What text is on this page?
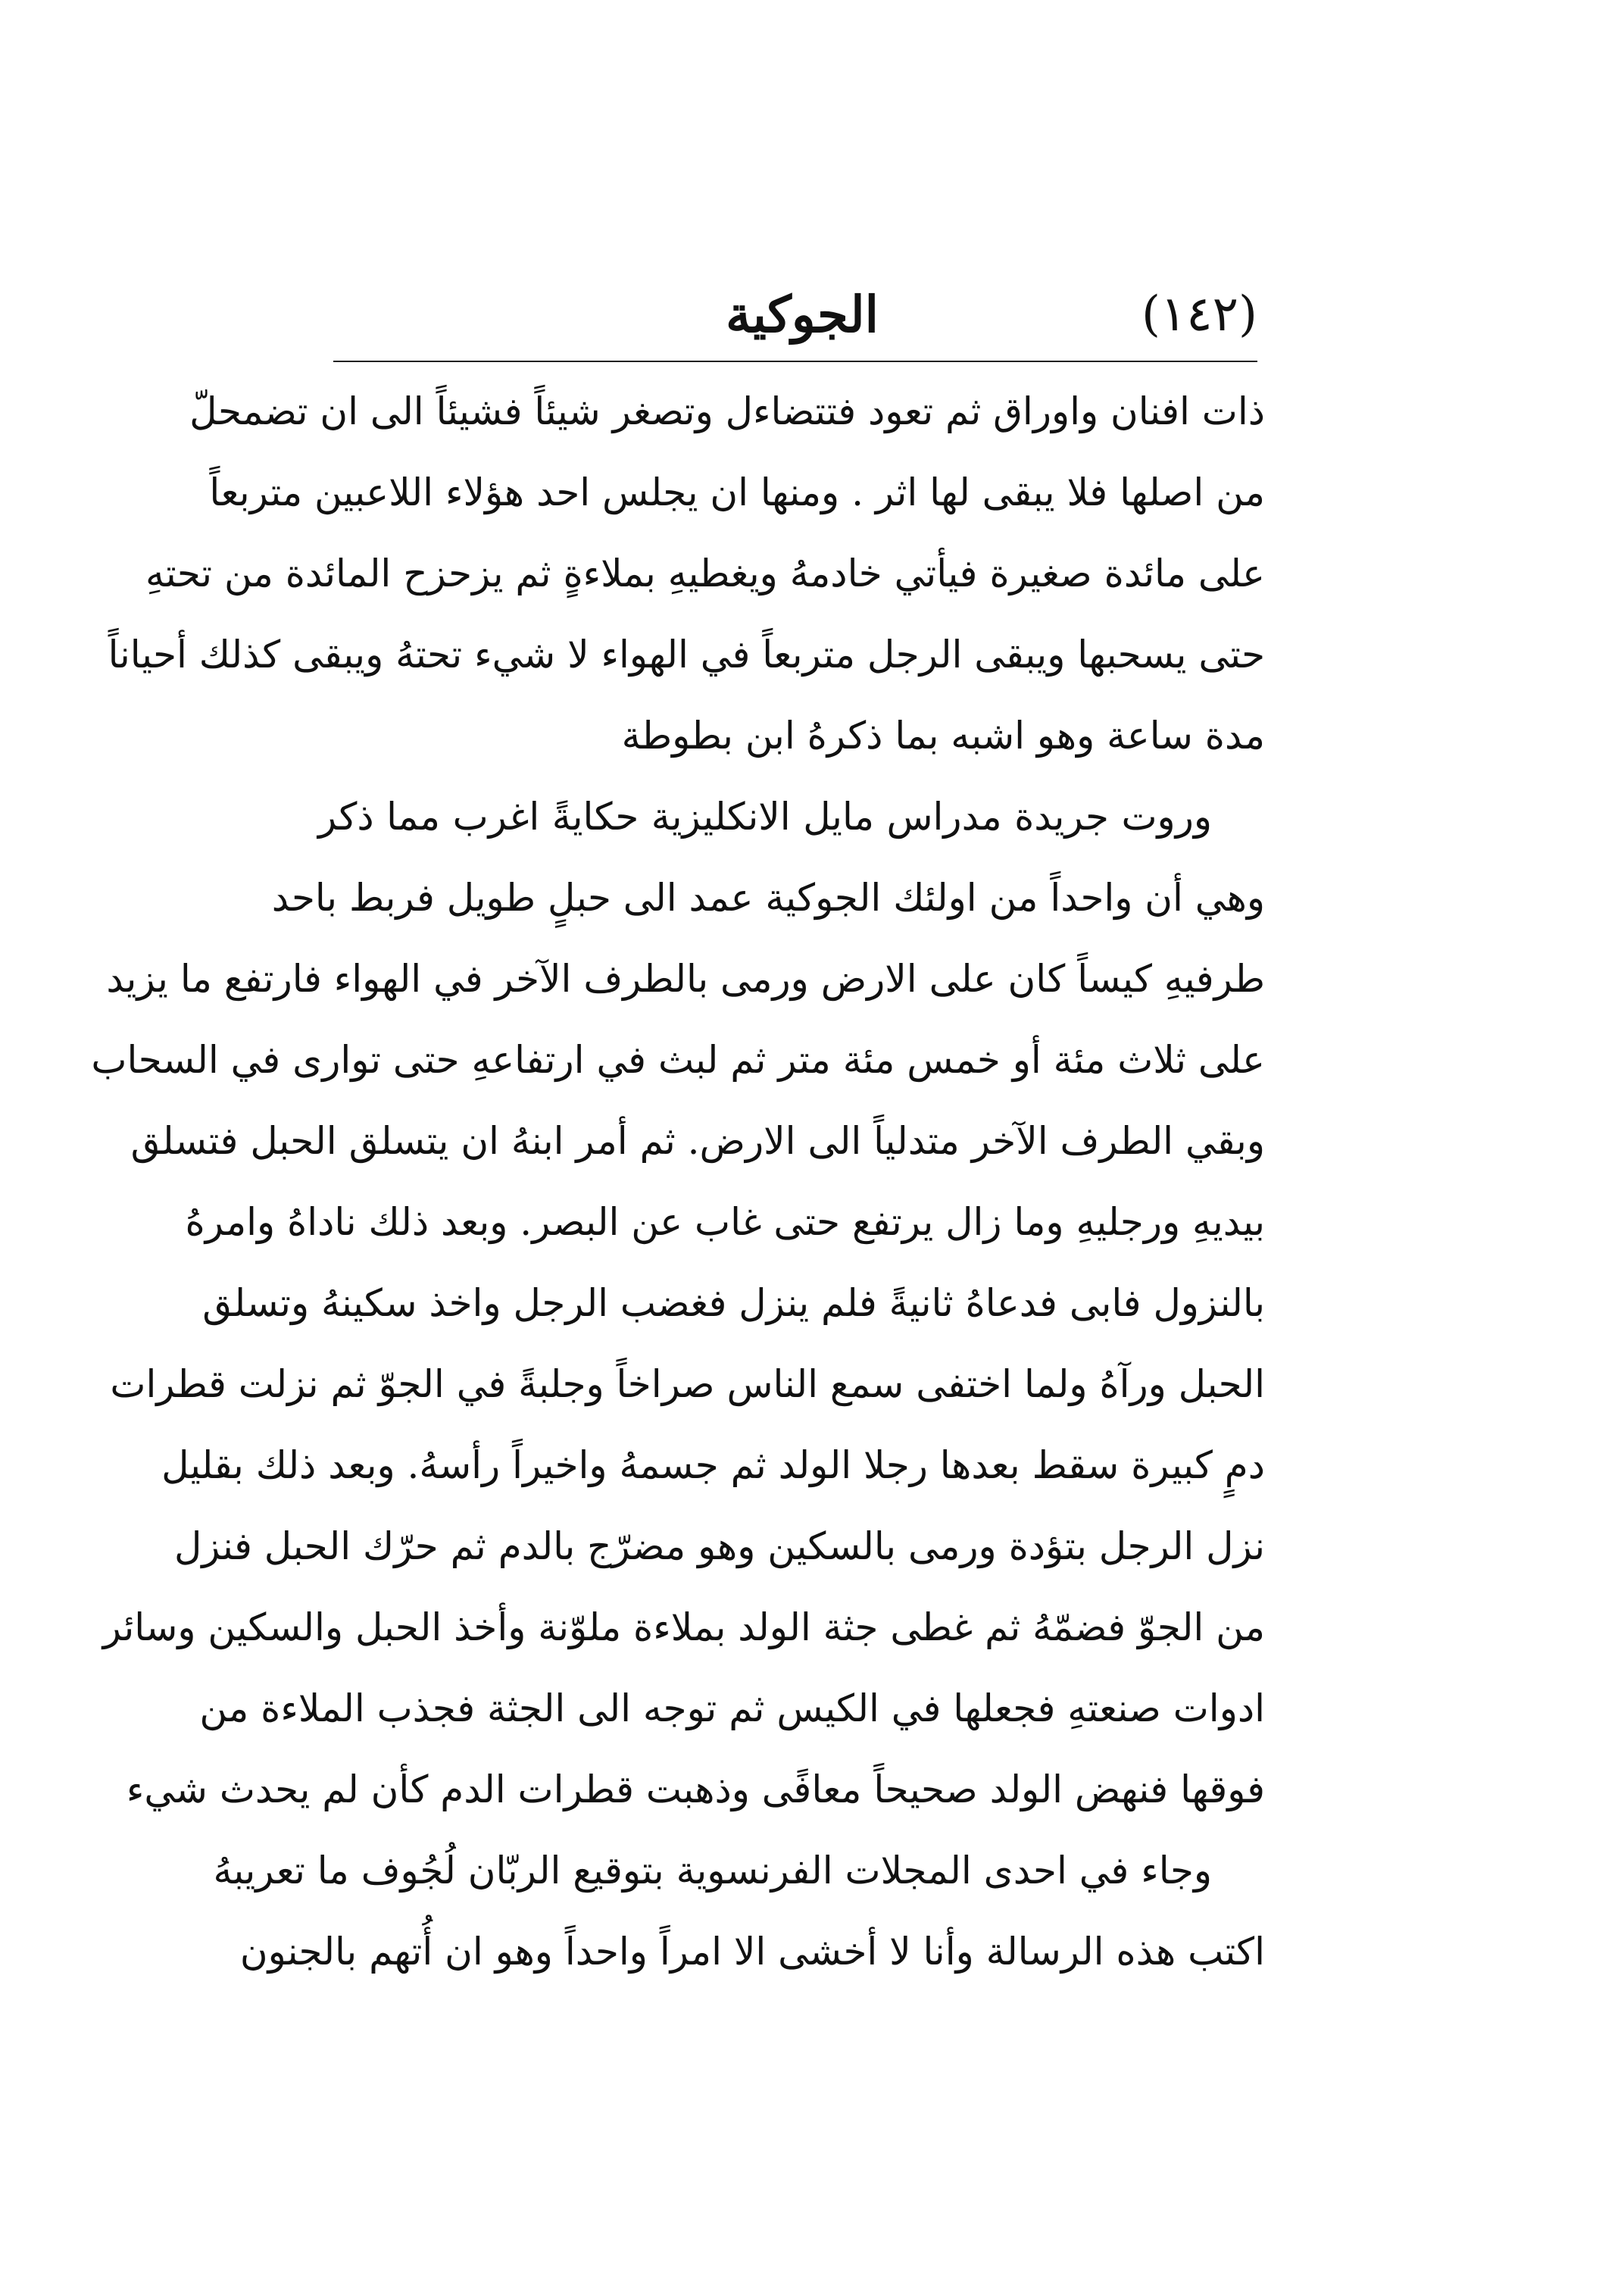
(١٤٢)
الجوكية
ذات افنان واوراق ثم تعود فتتضاءل وتصغر شيئاً فشيئاً الى ان تضمحلّ
من اصلها فلا يبقى لها اثر . ومنها ان يجلس احد هؤلاء اللاعبين متربعاً
على مائدة صغيرة فيأتي خادمهُ ويغطيهِ بملاءةٍ ثم يزحزح المائدة من تحتهِ
حتى يسحبها ويبقى الرجل متربعاً في الهواء لا شيء تحتهُ ويبقى كذلك أحياناً
مدة ساعة وهو اشبه بما ذكرهُ ابن بطوطة
وروت جريدة مدراس مايل الانكليزية حكايةً اغرب مما ذكر
وهي أن واحداً من اولئك الجوكية عمد الى حبلٍ طويل فربط باحد
طرفيهِ كيساً كان على الارض ورمى بالطرف الآخر في الهواء فارتفع ما يزيد
على ثلاث مئة أو خمس مئة متر ثم لبث في ارتفاعهِ حتى توارى في السحاب
وبقي الطرف الآخر متدلياً الى الارض. ثم أمر ابنهُ ان يتسلق الحبل فتسلق
بيديهِ ورجليهِ وما زال يرتفع حتى غاب عن البصر. وبعد ذلك ناداهُ وامرهُ
بالنزول فابى فدعاهُ ثانيةً فلم ينزل فغضب الرجل واخذ سكينهُ وتسلق
الحبل ورآهُ ولما اختفى سمع الناس صراخاً وجلبةً في الجوّ ثم نزلت قطرات
دمٍ كبيرة سقط بعدها رجلا الولد ثم جسمهُ واخيراً رأسهُ. وبعد ذلك بقليل
نزل الرجل بتؤدة ورمى بالسكين وهو مضرّج بالدم ثم حرّك الحبل فنزل
من الجوّ فضمّهُ ثم غطى جثة الولد بملاءة ملوّنة وأخذ الحبل والسكين وسائر
ادوات صنعتهِ فجعلها في الكيس ثم توجه الى الجثة فجذب الملاءة من
فوقها فنهض الولد صحيحاً معافًى وذهبت قطرات الدم كأن لم يحدث شيء
وجاء في احدى المجلات الفرنسوية بتوقيع الربّان لُجُوف ما تعريبهُ
اكتب هذه الرسالة وأنا لا أخشى الا امراً واحداً وهو ان أُتهم بالجنون
